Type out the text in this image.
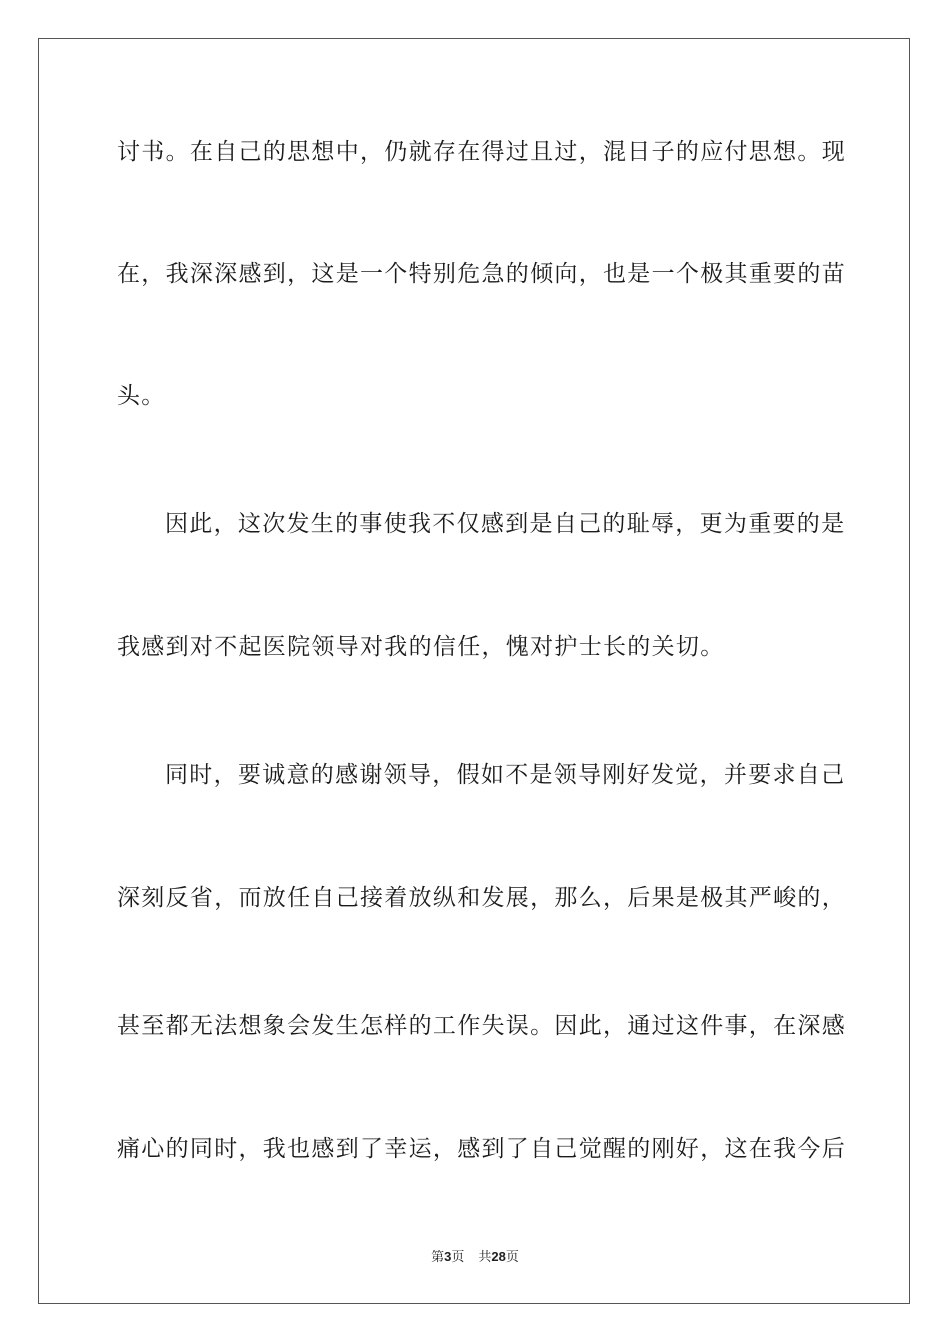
讨书。在自己的思想中，仍就存在得过且过，混日子的应付思想。现
在，我深深感到，这是一个特别危急的倾向，也是一个极其重要的苗
头。
因此，这次发生的事使我不仅感到是自己的耻辱，更为重要的是
我感到对不起医院领导对我的信任，愧对护士长的关切。
同时，要诚意的感谢领导，假如不是领导刚好发觉，并要求自己
深刻反省，而放任自己接着放纵和发展，那么，后果是极其严峻的，
甚至都无法想象会发生怎样的工作失误。因此，通过这件事，在深感
痛心的同时，我也感到了幸运，感到了自己觉醒的刚好，这在我今后
第3页 共28页
